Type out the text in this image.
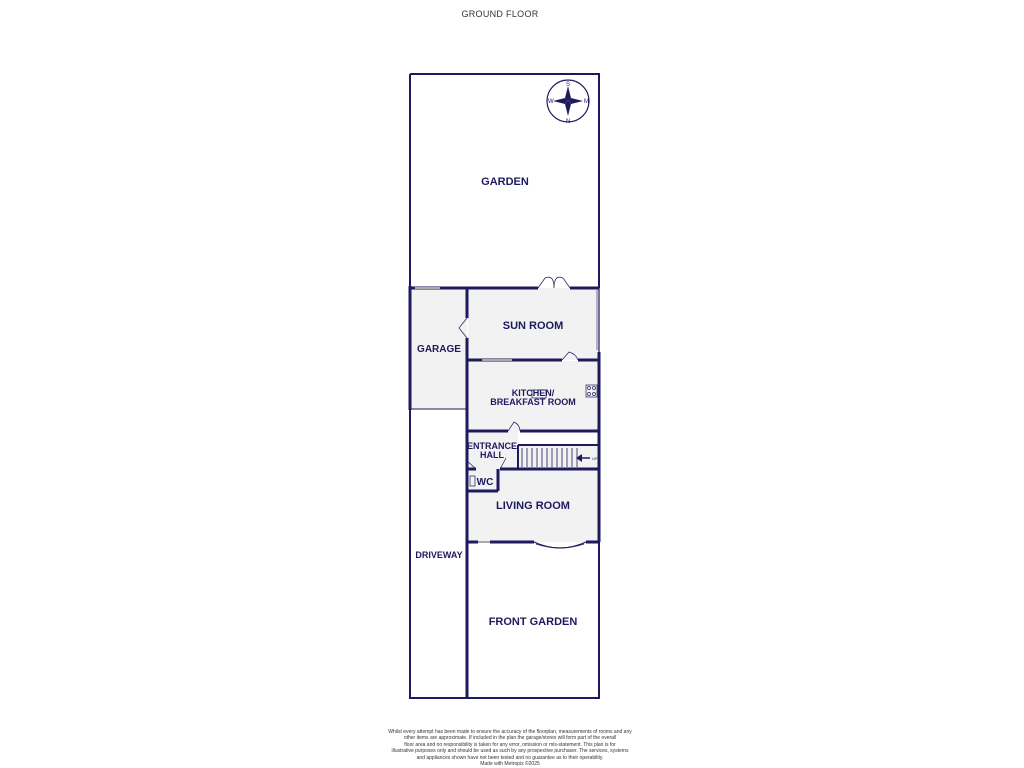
GROUND FLOOR
UP
S
W
N
M
GARDEN
SUN ROOM
GARAGE
KITCHEN/
BREAKFAST ROOM
ENTRANCE
HALL
WC
LIVING ROOM
DRIVEWAY
FRONT GARDEN
Whilst every attempt has been made to ensure the accuracy of the floorplan, measurements of rooms and any
other items are approximate. If included in the plan the garage/stores will form part of the overall
floor area and no responsibility is taken for any error, omission or mis-statement. This plan is for
illustrative purposes only and should be used as such by any prospective purchaser. The services, systems
and appliances shown have not been tested and no guarantee as to their operability.
Made with Metropix ©2025
